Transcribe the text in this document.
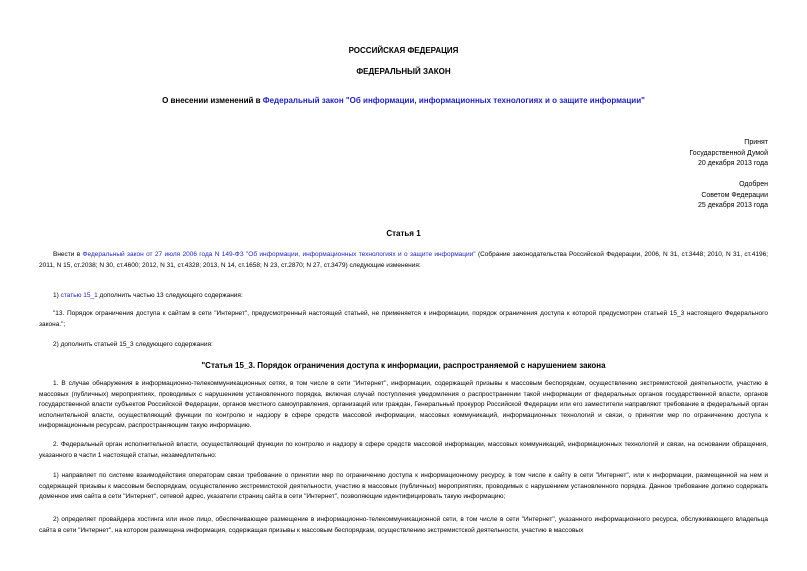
РОССИЙСКАЯ ФЕДЕРАЦИЯ
ФЕДЕРАЛЬНЫЙ ЗАКОН
О внесении изменений в Федеральный закон "Об информации, информационных технологиях и о защите информации"
Принят
Государственной Думой
20 декабря 2013 года
Одобрен
Советом Федерации
25 декабря 2013 года
Статья 1
Внести в Федеральный закон от 27 июля 2006 года N 149-ФЗ "Об информации, информационных технологиях и о защите информации" (Собрание законодательства Российской Федерации, 2006, N 31, ст.3448; 2010, N 31, ст.4196; 2011, N 15, ст.2038; N 30, ст.4600; 2012, N 31, ст.4328; 2013, N 14, ст.1658; N 23, ст.2870; N 27, ст.3479) следующие изменения:
1) статью 15_1 дополнить частью 13 следующего содержания:
"13. Порядок ограничения доступа к сайтам в сети "Интернет", предусмотренный настоящей статьей, не применяется к информации, порядок ограничения доступа к которой предусмотрен статьей 15_3 настоящего Федерального закона.";
2) дополнить статьей 15_3 следующего содержания:
"Статья 15_3. Порядок ограничения доступа к информации, распространяемой с нарушением закона
1. В случае обнаружения в информационно-телекоммуникационных сетях, в том числе в сети "Интернет", информации, содержащей призывы к массовым беспорядкам, осуществлению экстремистской деятельности, участию в массовых (публичных) мероприятиях, проводимых с нарушением установленного порядка, включая случай поступления уведомления о распространении такой информации от федеральных органов государственной власти, органов государственной власти субъектов Российской Федерации, органов местного самоуправления, организаций или граждан, Генеральный прокурор Российской Федерации или его заместители направляют требование в федеральный орган исполнительной власти, осуществляющий функции по контролю и надзору в сфере средств массовой информации, массовых коммуникаций, информационных технологий и связи, о принятии мер по ограничению доступа к информационным ресурсам, распространяющим такую информацию.
2. Федеральный орган исполнительной власти, осуществляющий функции по контролю и надзору в сфере средств массовой информации, массовых коммуникаций, информационных технологий и связи, на основании обращения, указанного в части 1 настоящей статьи, незамедлительно:
1) направляет по системе взаимодействия операторам связи требование о принятии мер по ограничению доступа к информационному ресурсу, в том числе к сайту в сети "Интернет", или к информации, размещенной на нем и содержащей призывы к массовым беспорядкам, осуществлению экстремистской деятельности, участию в массовых (публичных) мероприятиях, проводимых с нарушением установленного порядка. Данное требование должно содержать доменное имя сайта в сети "Интернет", сетевой адрес, указатели страниц сайта в сети "Интернет", позволяющие идентифицировать такую информацию;
2) определяет провайдера хостинга или иное лицо, обеспечивающее размещение в информационно-телекоммуникационной сети, в том числе в сети "Интернет", указанного информационного ресурса, обслуживающего владельца сайта в сети "Интернет", на котором размещена информация, содержащая призывы к массовым беспорядкам, осуществлению экстремистской деятельности, участию в массовых
